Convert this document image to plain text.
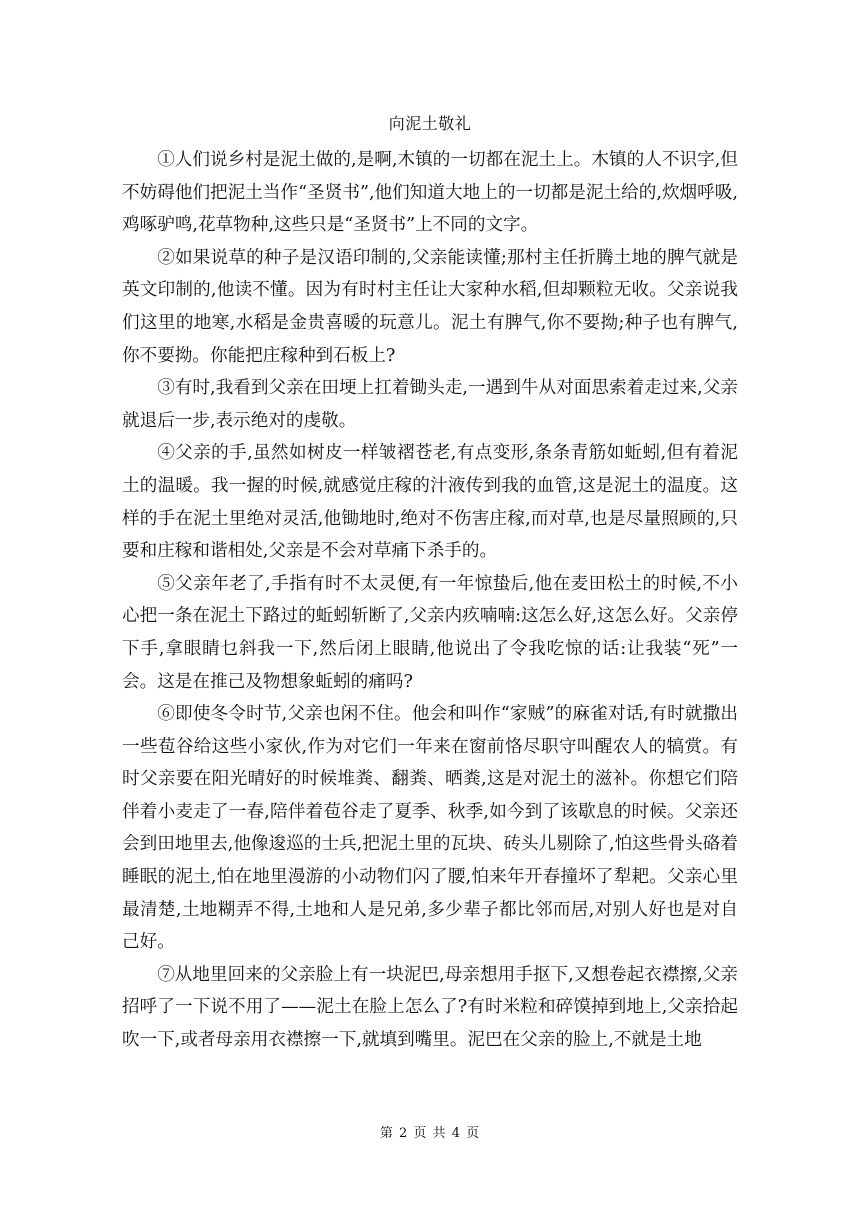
向泥土敬礼

①人们说乡村是泥土做的,是啊,木镇的一切都在泥土上。木镇的人不识字,但不妨碍他们把泥土当作“圣贤书”,他们知道大地上的一切都是泥土给的,炊烟呼吸,鸡啄驴鸣,花草物种,这些只是“圣贤书”上不同的文字。

②如果说草的种子是汉语印制的,父亲能读懂;那村主任折腾土地的脾气就是英文印制的,他读不懂。因为有时村主任让大家种水稻,但却颗粒无收。父亲说我们这里的地寒,水稻是金贵喜暖的玩意儿。泥土有脾气,你不要拗;种子也有脾气,你不要拗。你能把庄稼种到石板上?

③有时,我看到父亲在田埂上扛着锄头走,一遇到牛从对面思索着走过来,父亲就退后一步,表示绝对的虔敬。

④父亲的手,虽然如树皮一样皱褶苍老,有点变形,条条青筋如蚯蚓,但有着泥土的温暖。我一握的时候,就感觉庄稼的汁液传到我的血管,这是泥土的温度。这样的手在泥土里绝对灵活,他锄地时,绝对不伤害庄稼,而对草,也是尽量照顾的,只要和庄稼和谐相处,父亲是不会对草痛下杀手的。

⑤父亲年老了,手指有时不太灵便,有一年惊蛰后,他在麦田松土的时候,不小心把一条在泥土下路过的蚯蚓斩断了,父亲内疚喃喃:这怎么好,这怎么好。父亲停下手,拿眼睛乜斜我一下,然后闭上眼睛,他说出了令我吃惊的话:让我装“死”一会。这是在推己及物想象蚯蚓的痛吗?

⑥即使冬令时节,父亲也闲不住。他会和叫作“家贼”的麻雀对话,有时就撒出一些苞谷给这些小家伙,作为对它们一年来在窗前恪尽职守叫醒农人的犒赏。有时父亲要在阳光晴好的时候堆粪、翻粪、晒粪,这是对泥土的滋补。你想它们陪伴着小麦走了一春,陪伴着苞谷走了夏季、秋季,如今到了该歇息的时候。父亲还会到田地里去,他像逡巡的士兵,把泥土里的瓦块、砖头儿剔除了,怕这些骨头硌着睡眠的泥土,怕在地里漫游的小动物们闪了腰,怕来年开春撞坏了犁耙。父亲心里最清楚,土地糊弄不得,土地和人是兄弟,多少辈子都比邻而居,对别人好也是对自己好。

⑦从地里回来的父亲脸上有一块泥巴,母亲想用手抠下,又想卷起衣襟擦,父亲招呼了一下说不用了——泥土在脸上怎么了?有时米粒和碎馍掉到地上,父亲拾起吹一下,或者母亲用衣襟擦一下,就填到嘴里。泥巴在父亲的脸上,不就是土地

第 2 页 共 4 页
